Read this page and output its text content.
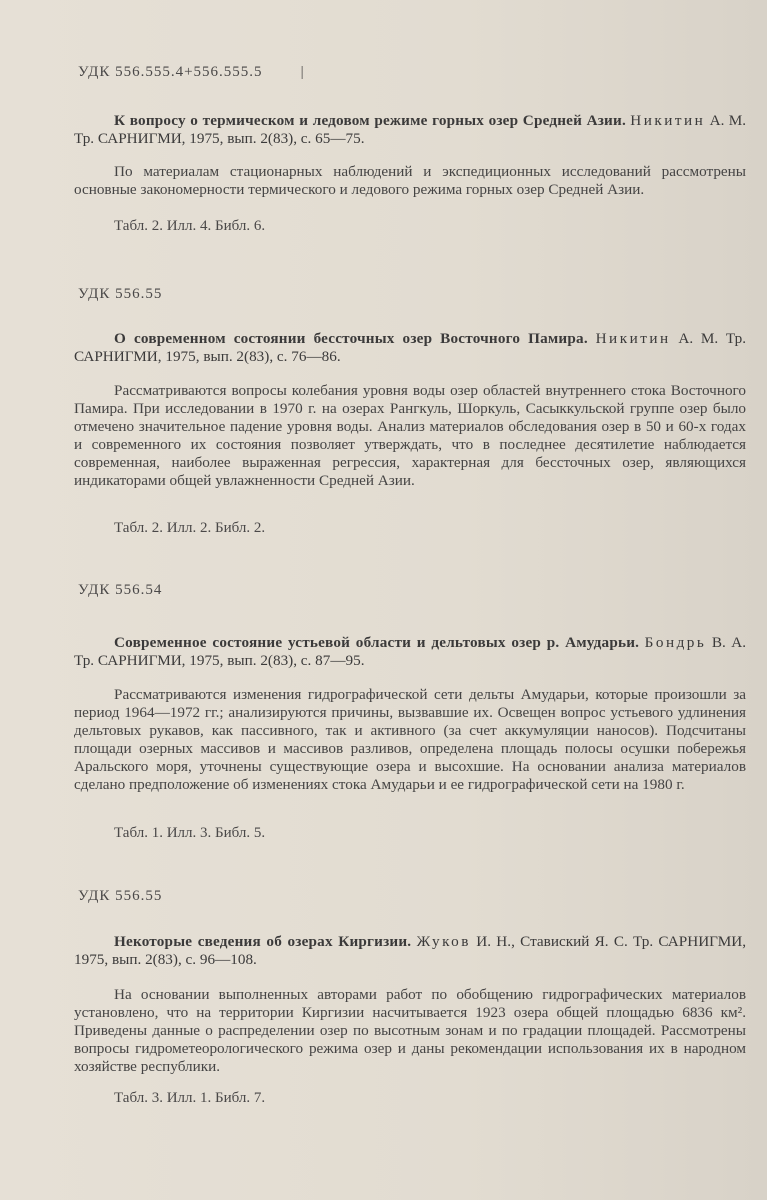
УДК 556.555.4+556.555.5	|
К вопросу о термическом и ледовом режиме горных озер Средней Азии. Никитин А. М. Тр. САРНИГМИ, 1975, вып. 2(83), с. 65—75.
По материалам стационарных наблюдений и экспедиционных исследований рассмотрены основные закономерности термического и ледового режима горных озер Средней Азии.
Табл. 2. Илл. 4. Библ. 6.
УДК 556.55
О современном состоянии бессточных озер Восточного Памира. Никитин А. М. Тр. САРНИГМИ, 1975, вып. 2(83), с. 76—86.
Рассматриваются вопросы колебания уровня воды озер областей внутреннего стока Восточного Памира. При исследовании в 1970 г. на озерах Рангкуль, Шоркуль, Сасыккульской группе озер было отмечено значительное падение уровня воды. Анализ материалов обследования озер в 50 и 60-х годах и современного их состояния позволяет утверждать, что в последнее десятилетие наблюдается современная, наиболее выраженная регрессия, характерная для бессточных озер, являющихся индикаторами общей увлажненности Средней Азии.
Табл. 2. Илл. 2. Библ. 2.
УДК 556.54
Современное состояние устьевой области и дельтовых озер р. Амударьи. Бондрь В. А. Тр. САРНИГМИ, 1975, вып. 2(83), с. 87—95.
Рассматриваются изменения гидрографической сети дельты Амударьи, которые произошли за период 1964—1972 гг.; анализируются причины, вызвавшие их. Освещен вопрос устьевого удлинения дельтовых рукавов, как пассивного, так и активного (за счет аккумуляции наносов). Подсчитаны площади озерных массивов и массивов разливов, определена площадь полосы осушки побережья Аральского моря, уточнены существующие озера и высохшие. На основании анализа материалов сделано предположение об изменениях стока Амударьи и ее гидрографической сети на 1980 г.
Табл. 1. Илл. 3. Библ. 5.
УДК 556.55
Некоторые сведения об озерах Киргизии. Жуков И. Н., Ставиский Я. С. Тр. САРНИГМИ, 1975, вып. 2(83), с. 96—108.
На основании выполненных авторами работ по обобщению гидрографических материалов установлено, что на территории Киргизии насчитывается 1923 озера общей площадью 6836 км². Приведены данные о распределении озер по высотным зонам и по градации площадей. Рассмотрены вопросы гидрометеорологического режима озер и даны рекомендации использования их в народном хозяйстве республики.
Табл. 3. Илл. 1. Библ. 7.
